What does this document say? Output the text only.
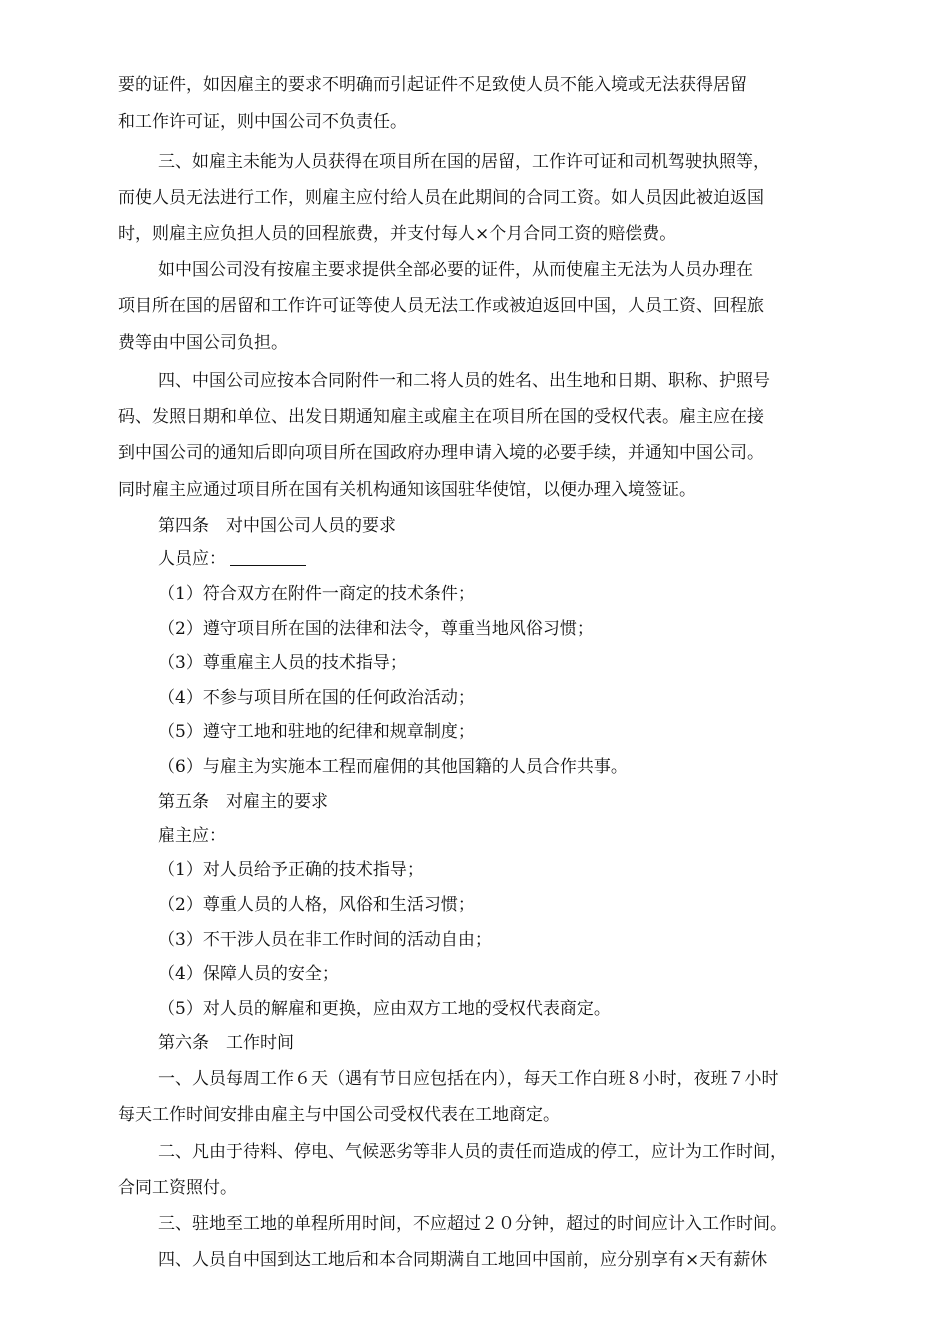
要的证件，如因雇主的要求不明确而引起证件不足致使人员不能入境或无法获得居留
和工作许可证，则中国公司不负责任。
三、如雇主未能为人员获得在项目所在国的居留，工作许可证和司机驾驶执照等，
而使人员无法进行工作，则雇主应付给人员在此期间的合同工资。如人员因此被迫返国
时，则雇主应负担人员的回程旅费，并支付每人×个月合同工资的赔偿费。
如中国公司没有按雇主要求提供全部必要的证件，从而使雇主无法为人员办理在
项目所在国的居留和工作许可证等使人员无法工作或被迫返回中国，人员工资、回程旅
费等由中国公司负担。
四、中国公司应按本合同附件一和二将人员的姓名、出生地和日期、职称、护照号
码、发照日期和单位、出发日期通知雇主或雇主在项目所在国的受权代表。雇主应在接
到中国公司的通知后即向项目所在国政府办理申请入境的必要手续，并通知中国公司。
同时雇主应通过项目所在国有关机构通知该国驻华使馆，以便办理入境签证。
第四条　对中国公司人员的要求
人员应：
（1）符合双方在附件一商定的技术条件；
（2）遵守项目所在国的法律和法令，尊重当地风俗习惯；
（3）尊重雇主人员的技术指导；
（4）不参与项目所在国的任何政治活动；
（5）遵守工地和驻地的纪律和规章制度；
（6）与雇主为实施本工程而雇佣的其他国籍的人员合作共事。
第五条　对雇主的要求
雇主应：
（1）对人员给予正确的技术指导；
（2）尊重人员的人格，风俗和生活习惯；
（3）不干涉人员在非工作时间的活动自由；
（4）保障人员的安全；
（5）对人员的解雇和更换，应由双方工地的受权代表商定。
第六条　工作时间
一、人员每周工作６天（遇有节日应包括在内），每天工作白班８小时，夜班７小时
每天工作时间安排由雇主与中国公司受权代表在工地商定。
二、凡由于待料、停电、气候恶劣等非人员的责任而造成的停工，应计为工作时间，
合同工资照付。
三、驻地至工地的单程所用时间，不应超过２０分钟，超过的时间应计入工作时间。
四、人员自中国到达工地后和本合同期满自工地回中国前，应分别享有×天有薪休
